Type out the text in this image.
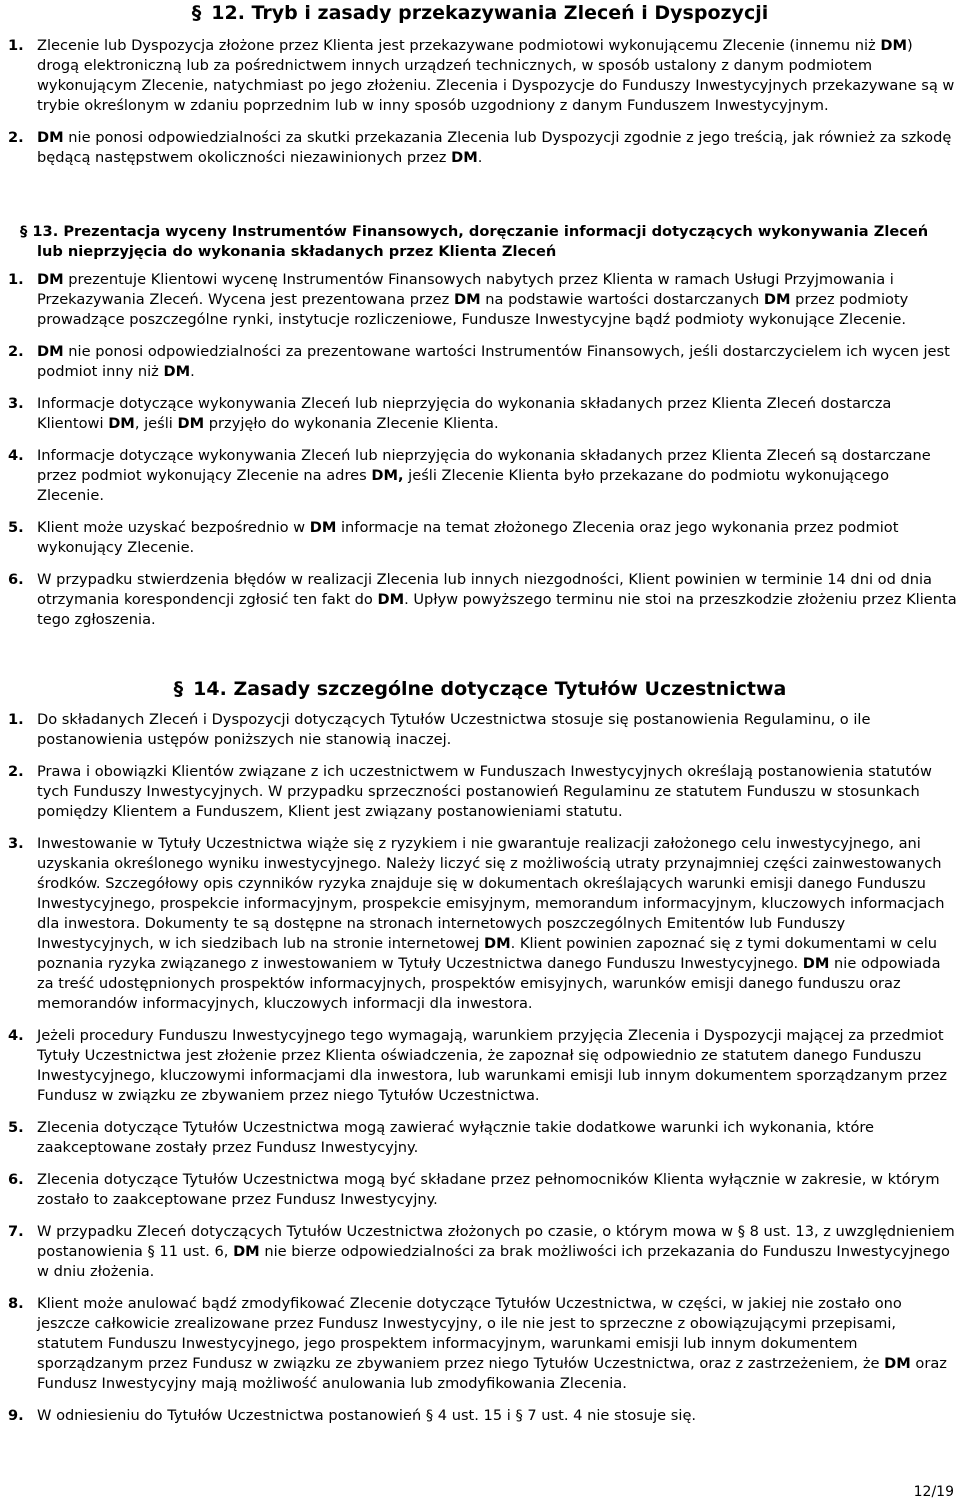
§ 12. Tryb i zasady przekazywania Zleceń i Dyspozycji
1. Zlecenie lub Dyspozycja złożone przez Klienta jest przekazywane podmiotowi wykonującemu Zlecenie (innemu niż DM) drogą elektroniczną lub za pośrednictwem innych urządzeń technicznych, w sposób ustalony z danym podmiotem wykonującym Zlecenie, natychmiast po jego złożeniu. Zlecenia i Dyspozycje do Funduszy Inwestycyjnych przekazywane są w trybie określonym w zdaniu poprzednim lub w inny sposób uzgodniony z danym Funduszem Inwestycyjnym.
2. DM nie ponosi odpowiedzialności za skutki przekazania Zlecenia lub Dyspozycji zgodnie z jego treścią, jak również za szkodę będącą następstwem okoliczności niezawinionych przez DM.

§ 13. Prezentacja wyceny Instrumentów Finansowych, doręczanie informacji dotyczących wykonywania Zleceń lub nieprzyjęcia do wykonania składanych przez Klienta Zleceń

1. DM prezentuje Klientowi wycenę Instrumentów Finansowych nabytych przez Klienta w ramach Usługi Przyjmowania i Przekazywania Zleceń. Wycena jest prezentowana przez DM na podstawie wartości dostarczanych DM przez podmioty prowadzące poszczególne rynki, instytucje rozliczeniowe, Fundusze Inwestycyjne bądź podmioty wykonujące Zlecenie.
2. DM nie ponosi odpowiedzialności za prezentowane wartości Instrumentów Finansowych, jeśli dostarczycielem ich wycen jest podmiot inny niż DM.
3. Informacje dotyczące wykonywania Zleceń lub nieprzyjęcia do wykonania składanych przez Klienta Zleceń dostarcza Klientowi DM, jeśli DM przyjęło do wykonania Zlecenie Klienta.
4. Informacje dotyczące wykonywania Zleceń lub nieprzyjęcia do wykonania składanych przez Klienta Zleceń są dostarczane przez podmiot wykonujący Zlecenie na adres DM, jeśli Zlecenie Klienta było przekazane do podmiotu wykonującego Zlecenie.
5. Klient może uzyskać bezpośrednio w DM informacje na temat złożonego Zlecenia oraz jego wykonania przez podmiot wykonujący Zlecenie.
6. W przypadku stwierdzenia błędów w realizacji Zlecenia lub innych niezgodności, Klient powinien w terminie 14 dni od dnia otrzymania korespondencji zgłosić ten fakt do DM. Upływ powyższego terminu nie stoi na przeszkodzie złożeniu przez Klienta tego zgłoszenia.
§ 14. Zasady szczególne dotyczące Tytułów Uczestnictwa
1. Do składanych Zleceń i Dyspozycji dotyczących Tytułów Uczestnictwa stosuje się postanowienia Regulaminu, o ile postanowienia ustępów poniższych nie stanowią inaczej.
2. Prawa i obowiązki Klientów związane z ich uczestnictwem w Funduszach Inwestycyjnych określają postanowienia statutów tych Funduszy Inwestycyjnych. W przypadku sprzeczności postanowień Regulaminu ze statutem Funduszu w stosunkach pomiędzy Klientem a Funduszem, Klient jest związany postanowieniami statutu.
3. Inwestowanie w Tytuły Uczestnictwa wiąże się z ryzykiem i nie gwarantuje realizacji założonego celu inwestycyjnego, ani uzyskania określonego wyniku inwestycyjnego. Należy liczyć się z możliwością utraty przynajmniej części zainwestowanych środków. Szczegółowy opis czynników ryzyka znajduje się w dokumentach określających warunki emisji danego Funduszu Inwestycyjnego, prospekcie informacyjnym, prospekcie emisyjnym, memorandum informacyjnym, kluczowych informacjach dla inwestora. Dokumenty te są dostępne na stronach internetowych poszczególnych Emitentów lub Funduszy Inwestycyjnych, w ich siedzibach lub na stronie internetowej DM. Klient powinien zapoznać się z tymi dokumentami w celu poznania ryzyka związanego z inwestowaniem w Tytuły Uczestnictwa danego Funduszu Inwestycyjnego. DM nie odpowiada za treść udostępnionych prospektów informacyjnych, prospektów emisyjnych, warunków emisji danego funduszu oraz memorandów informacyjnych, kluczowych informacji dla inwestora.
4. Jeżeli procedury Funduszu Inwestycyjnego tego wymagają, warunkiem przyjęcia Zlecenia i Dyspozycji mającej za przedmiot Tytuły Uczestnictwa jest złożenie przez Klienta oświadczenia, że zapoznał się odpowiednio ze statutem danego Funduszu Inwestycyjnego, kluczowymi informacjami dla inwestora, lub warunkami emisji lub innym dokumentem sporządzanym przez Fundusz w związku ze zbywaniem przez niego Tytułów Uczestnictwa.
5. Zlecenia dotyczące Tytułów Uczestnictwa mogą zawierać wyłącznie takie dodatkowe warunki ich wykonania, które zaakceptowane zostały przez Fundusz Inwestycyjny.
6. Zlecenia dotyczące Tytułów Uczestnictwa mogą być składane przez pełnomocników Klienta wyłącznie w zakresie, w którym zostało to zaakceptowane przez Fundusz Inwestycyjny.
7. W przypadku Zleceń dotyczących Tytułów Uczestnictwa złożonych po czasie, o którym mowa w § 8 ust. 13, z uwzględnieniem postanowienia § 11 ust. 6, DM nie bierze odpowiedzialności za brak możliwości ich przekazania do Funduszu Inwestycyjnego w dniu złożenia.
8. Klient może anulować bądź zmodyfikować Zlecenie dotyczące Tytułów Uczestnictwa, w części, w jakiej nie zostało ono jeszcze całkowicie zrealizowane przez Fundusz Inwestycyjny, o ile nie jest to sprzeczne z obowiązującymi przepisami, statutem Funduszu Inwestycyjnego, jego prospektem informacyjnym, warunkami emisji lub innym dokumentem sporządzanym przez Fundusz w związku ze zbywaniem przez niego Tytułów Uczestnictwa, oraz z zastrzeżeniem, że DM oraz Fundusz Inwestycyjny mają możliwość anulowania lub zmodyfikowania Zlecenia.
9. W odniesieniu do Tytułów Uczestnictwa postanowień § 4 ust. 15 i § 7 ust. 4 nie stosuje się.
12/19
